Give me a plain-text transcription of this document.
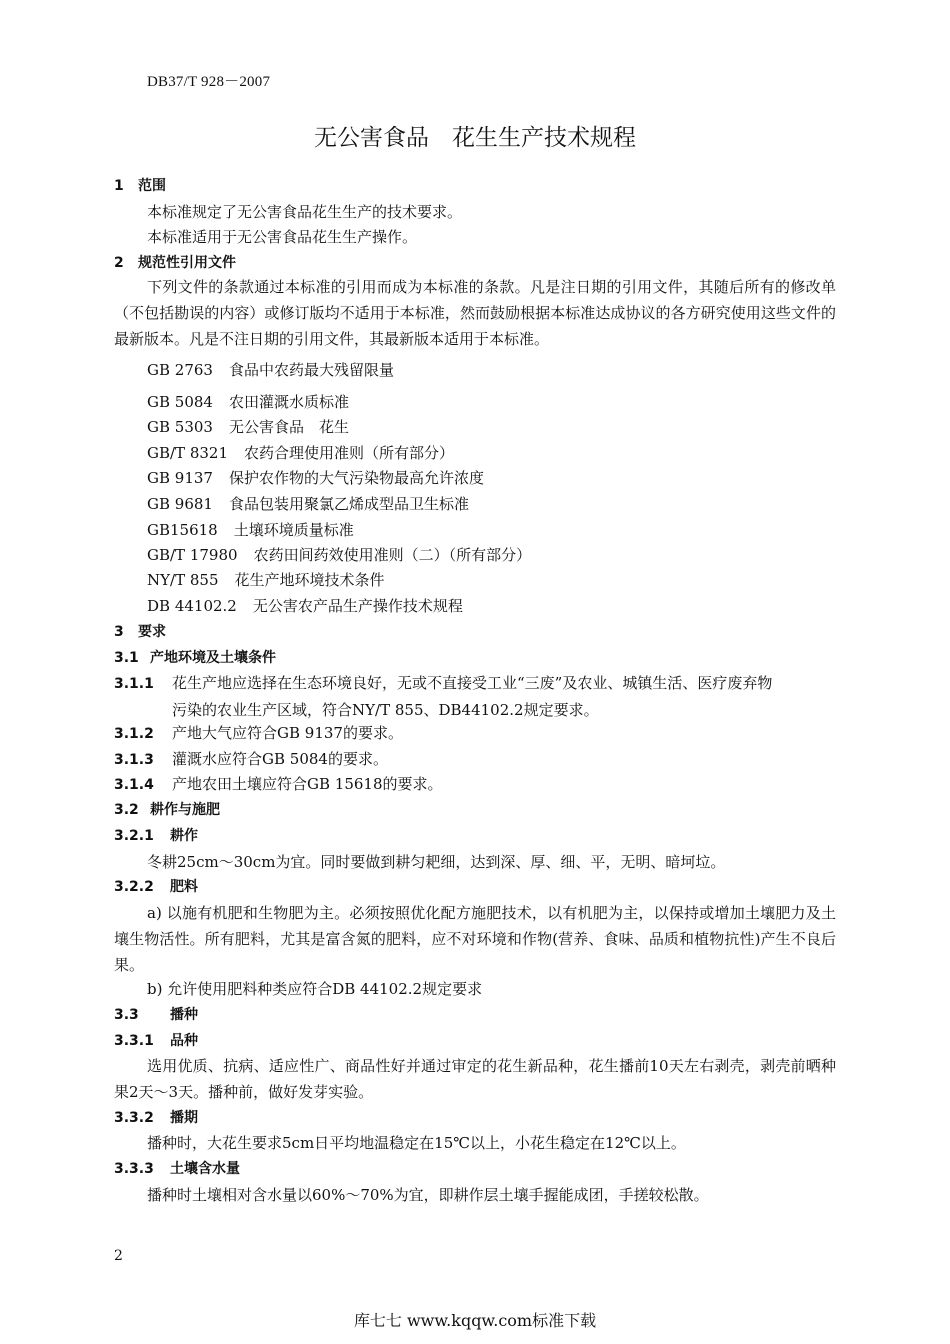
DB37/T 928－2007
无公害食品　花生生产技术规程
1 范围
本标准规定了无公害食品花生生产的技术要求。
本标准适用于无公害食品花生生产操作。
2 规范性引用文件
下列文件的条款通过本标准的引用而成为本标准的条款。凡是注日期的引用文件，其随后所有的修改单（不包括勘误的内容）或修订版均不适用于本标准，然而鼓励根据本标准达成协议的各方研究使用这些文件的最新版本。凡是不注日期的引用文件，其最新版本适用于本标准。
GB 2763 食品中农药最大残留限量
GB 5084 农田灌溉水质标准
GB 5303 无公害食品　花生
GB/T 8321 农药合理使用准则（所有部分）
GB 9137 保护农作物的大气污染物最高允许浓度
GB 9681 食品包装用聚氯乙烯成型品卫生标准
GB15618 土壤环境质量标准
GB/T 17980 农药田间药效使用准则（二）（所有部分）
NY/T 855 花生产地环境技术条件
DB 44102.2 无公害农产品生产操作技术规程
3 要求
3.1 产地环境及土壤条件
3.1.1 花生产地应选择在生态环境良好，无或不直接受工业“三废”及农业、城镇生活、医疗废弃物
污染的农业生产区域，符合NY/T 855、DB44102.2规定要求。
3.1.2 产地大气应符合GB 9137的要求。
3.1.3 灌溉水应符合GB 5084的要求。
3.1.4 产地农田土壤应符合GB 15618的要求。
3.2 耕作与施肥
3.2.1 耕作
冬耕25cm～30cm为宜。同时要做到耕匀耙细，达到深、厚、细、平，无明、暗坷垃。
3.2.2 肥料
a) 以施有机肥和生物肥为主。必须按照优化配方施肥技术，以有机肥为主，以保持或增加土壤肥力及土壤生物活性。所有肥料，尤其是富含氮的肥料，应不对环境和作物(营养、食味、品质和植物抗性)产生不良后果。
b) 允许使用肥料种类应符合DB 44102.2规定要求
3.3 播种
3.3.1 品种
选用优质、抗病、适应性广、商品性好并通过审定的花生新品种，花生播前10天左右剥壳，剥壳前晒种果2天～3天。播种前，做好发芽实验。
3.3.2 播期
播种时，大花生要求5cm日平均地温稳定在15℃以上，小花生稳定在12℃以上。
3.3.3 土壤含水量
播种时土壤相对含水量以60%～70%为宜，即耕作层土壤手握能成团，手搓较松散。
2
库七七 www.kqqw.com标准下载
